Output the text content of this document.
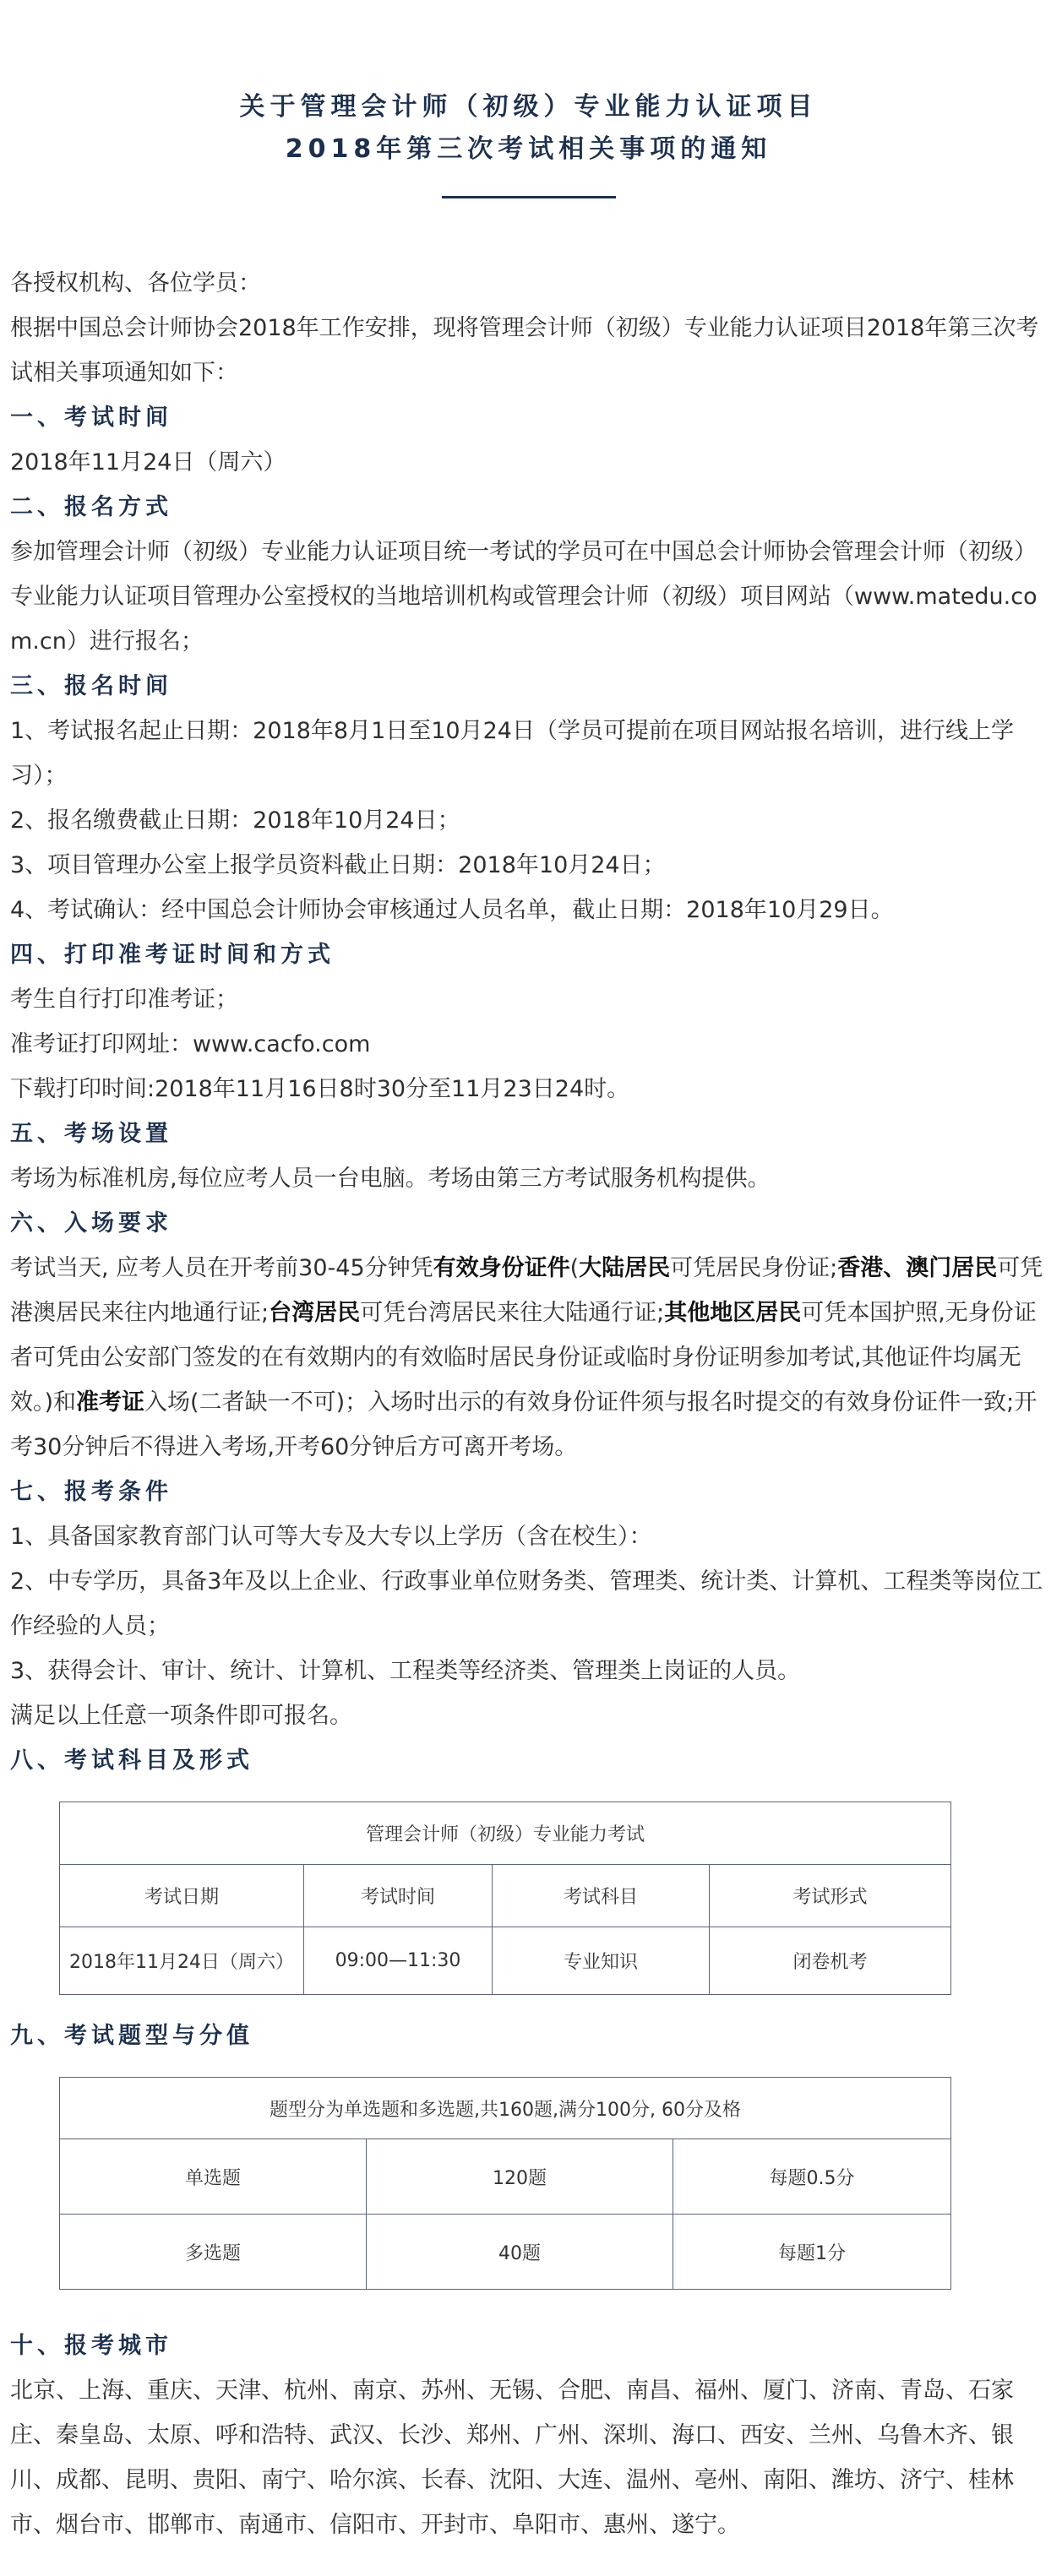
关于管理会计师（初级）专业能力认证项目

2018年第三次考试相关事项的通知

各授权机构、各位学员：

根据中国总会计师协会2018年工作安排，现将管理会计师（初级）专业能力认证项目2018年第三次考试相关事项通知如下：

一、考试时间

2018年11月24日（周六）

二、报名方式

参加管理会计师（初级）专业能力认证项目统一考试的学员可在中国总会计师协会管理会计师（初级）专业能力认证项目管理办公室授权的当地培训机构或管理会计师（初级）项目网站（www.matedu.com.cn）进行报名；

三、报名时间

1、考试报名起止日期：2018年8月1日至10月24日（学员可提前在项目网站报名培训，进行线上学习）；

2、报名缴费截止日期：2018年10月24日；

3、项目管理办公室上报学员资料截止日期：2018年10月24日；

4、考试确认：经中国总会计师协会审核通过人员名单，截止日期：2018年10月29日。

四、打印准考证时间和方式

考生自行打印准考证；

准考证打印网址：www.cacfo.com

下载打印时间:2018年11月16日8时30分至11月23日24时。

五、考场设置

考场为标准机房,每位应考人员一台电脑。考场由第三方考试服务机构提供。

六、入场要求

考试当天, 应考人员在开考前30-45分钟凭有效身份证件(大陆居民可凭居民身份证;香港、澳门居民可凭港澳居民来往内地通行证;台湾居民可凭台湾居民来往大陆通行证;其他地区居民可凭本国护照,无身份证者可凭由公安部门签发的在有效期内的有效临时居民身份证或临时身份证明参加考试,其他证件均属无效。)和准考证入场(二者缺一不可)；入场时出示的有效身份证件须与报名时提交的有效身份证件一致;开考30分钟后不得进入考场,开考60分钟后方可离开考场。

七、报考条件

1、具备国家教育部门认可等大专及大专以上学历（含在校生）：

2、中专学历，具备3年及以上企业、行政事业单位财务类、管理类、统计类、计算机、工程类等岗位工作经验的人员；

3、获得会计、审计、统计、计算机、工程类等经济类、管理类上岗证的人员。

满足以上任意一项条件即可报名。

八、考试科目及形式

管理会计师（初级）专业能力考试			
考试日期	考试时间	考试科目	考试形式
2018年11月24日（周六）	09:00—11:30	专业知识	闭卷机考

九、考试题型与分值

题型分为单选题和多选题,共160题,满分100分, 60分及格		
单选题	120题	每题0.5分
多选题	40题	每题1分

十、报考城市

北京、上海、重庆、天津、杭州、南京、苏州、无锡、合肥、南昌、福州、厦门、济南、青岛、石家庄、秦皇岛、太原、呼和浩特、武汉、长沙、郑州、广州、深圳、海口、西安、兰州、乌鲁木齐、银川、成都、昆明、贵阳、南宁、哈尔滨、长春、沈阳、大连、温州、亳州、南阳、潍坊、济宁、桂林市、烟台市、邯郸市、南通市、信阳市、开封市、阜阳市、惠州、遂宁。
